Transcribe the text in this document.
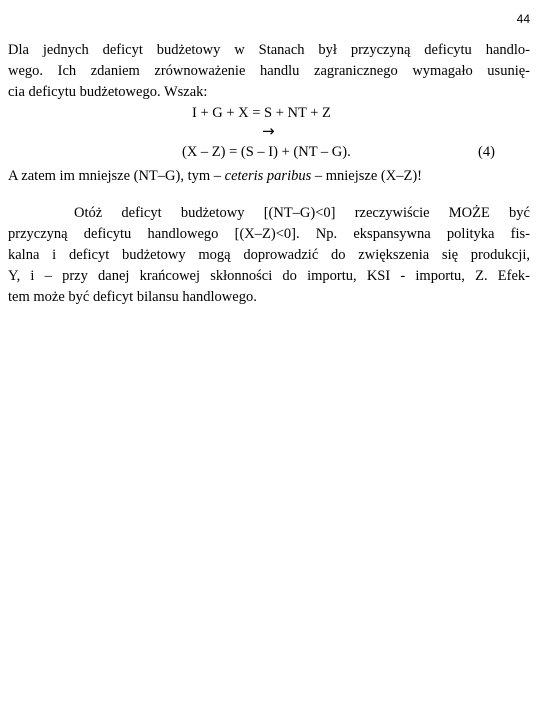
44
Dla jednych deficyt budżetowy w Stanach był przyczyną deficytu handlo-
wego. Ich zdaniem zrównoważenie handlu zagranicznego wymagało usunię-
cia deficytu budżetowego. Wszak:
I + G + X = S + NT + Z
→
(X – Z) = (S – I) + (NT – G).	(4)
A zatem im mniejsze (NT–G), tym – ceteris paribus – mniejsze (X–Z)!
Otóż deficyt budżetowy [(NT–G)<0] rzeczywiście MOŻE być
przyczyną deficytu handlowego [(X–Z)<0]. Np. ekspansywna polityka fis-
kalna i deficyt budżetowy mogą doprowadzić do zwiększenia się produkcji,
Y, i – przy danej krańcowej skłonności do importu, KSI - importu, Z. Efek-
tem może być deficyt bilansu handlowego.
